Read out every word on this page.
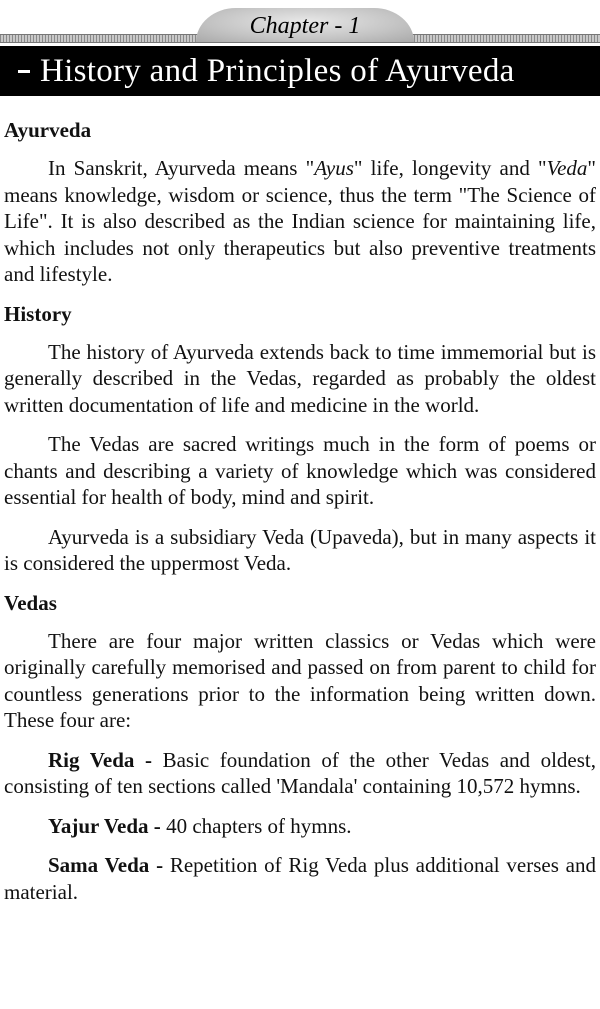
Chapter - 1
History and Principles of Ayurveda
Ayurveda

In Sanskrit, Ayurveda means "Ayus" life, longevity and "Veda" means knowledge, wisdom or science, thus the term "The Science of Life". It is also described as the Indian science for maintaining life, which includes not only therapeutics but also preventive treatments and lifestyle.

History

The history of Ayurveda extends back to time immemorial but is generally described in the Vedas, regarded as probably the oldest written documentation of life and medicine in the world.

The Vedas are sacred writings much in the form of poems or chants and describing a variety of knowledge which was considered essential for health of body, mind and spirit.

Ayurveda is a subsidiary Veda (Upaveda), but in many aspects it is considered the uppermost Veda.

Vedas

There are four major written classics or Vedas which were originally carefully memorised and passed on from parent to child for countless generations prior to the information being written down. These four are:

Rig Veda - Basic foundation of the other Vedas and oldest, consisting of ten sections called 'Mandala' containing 10,572 hymns.

Yajur Veda - 40 chapters of hymns.

Sama Veda - Repetition of Rig Veda plus additional verses and material.
